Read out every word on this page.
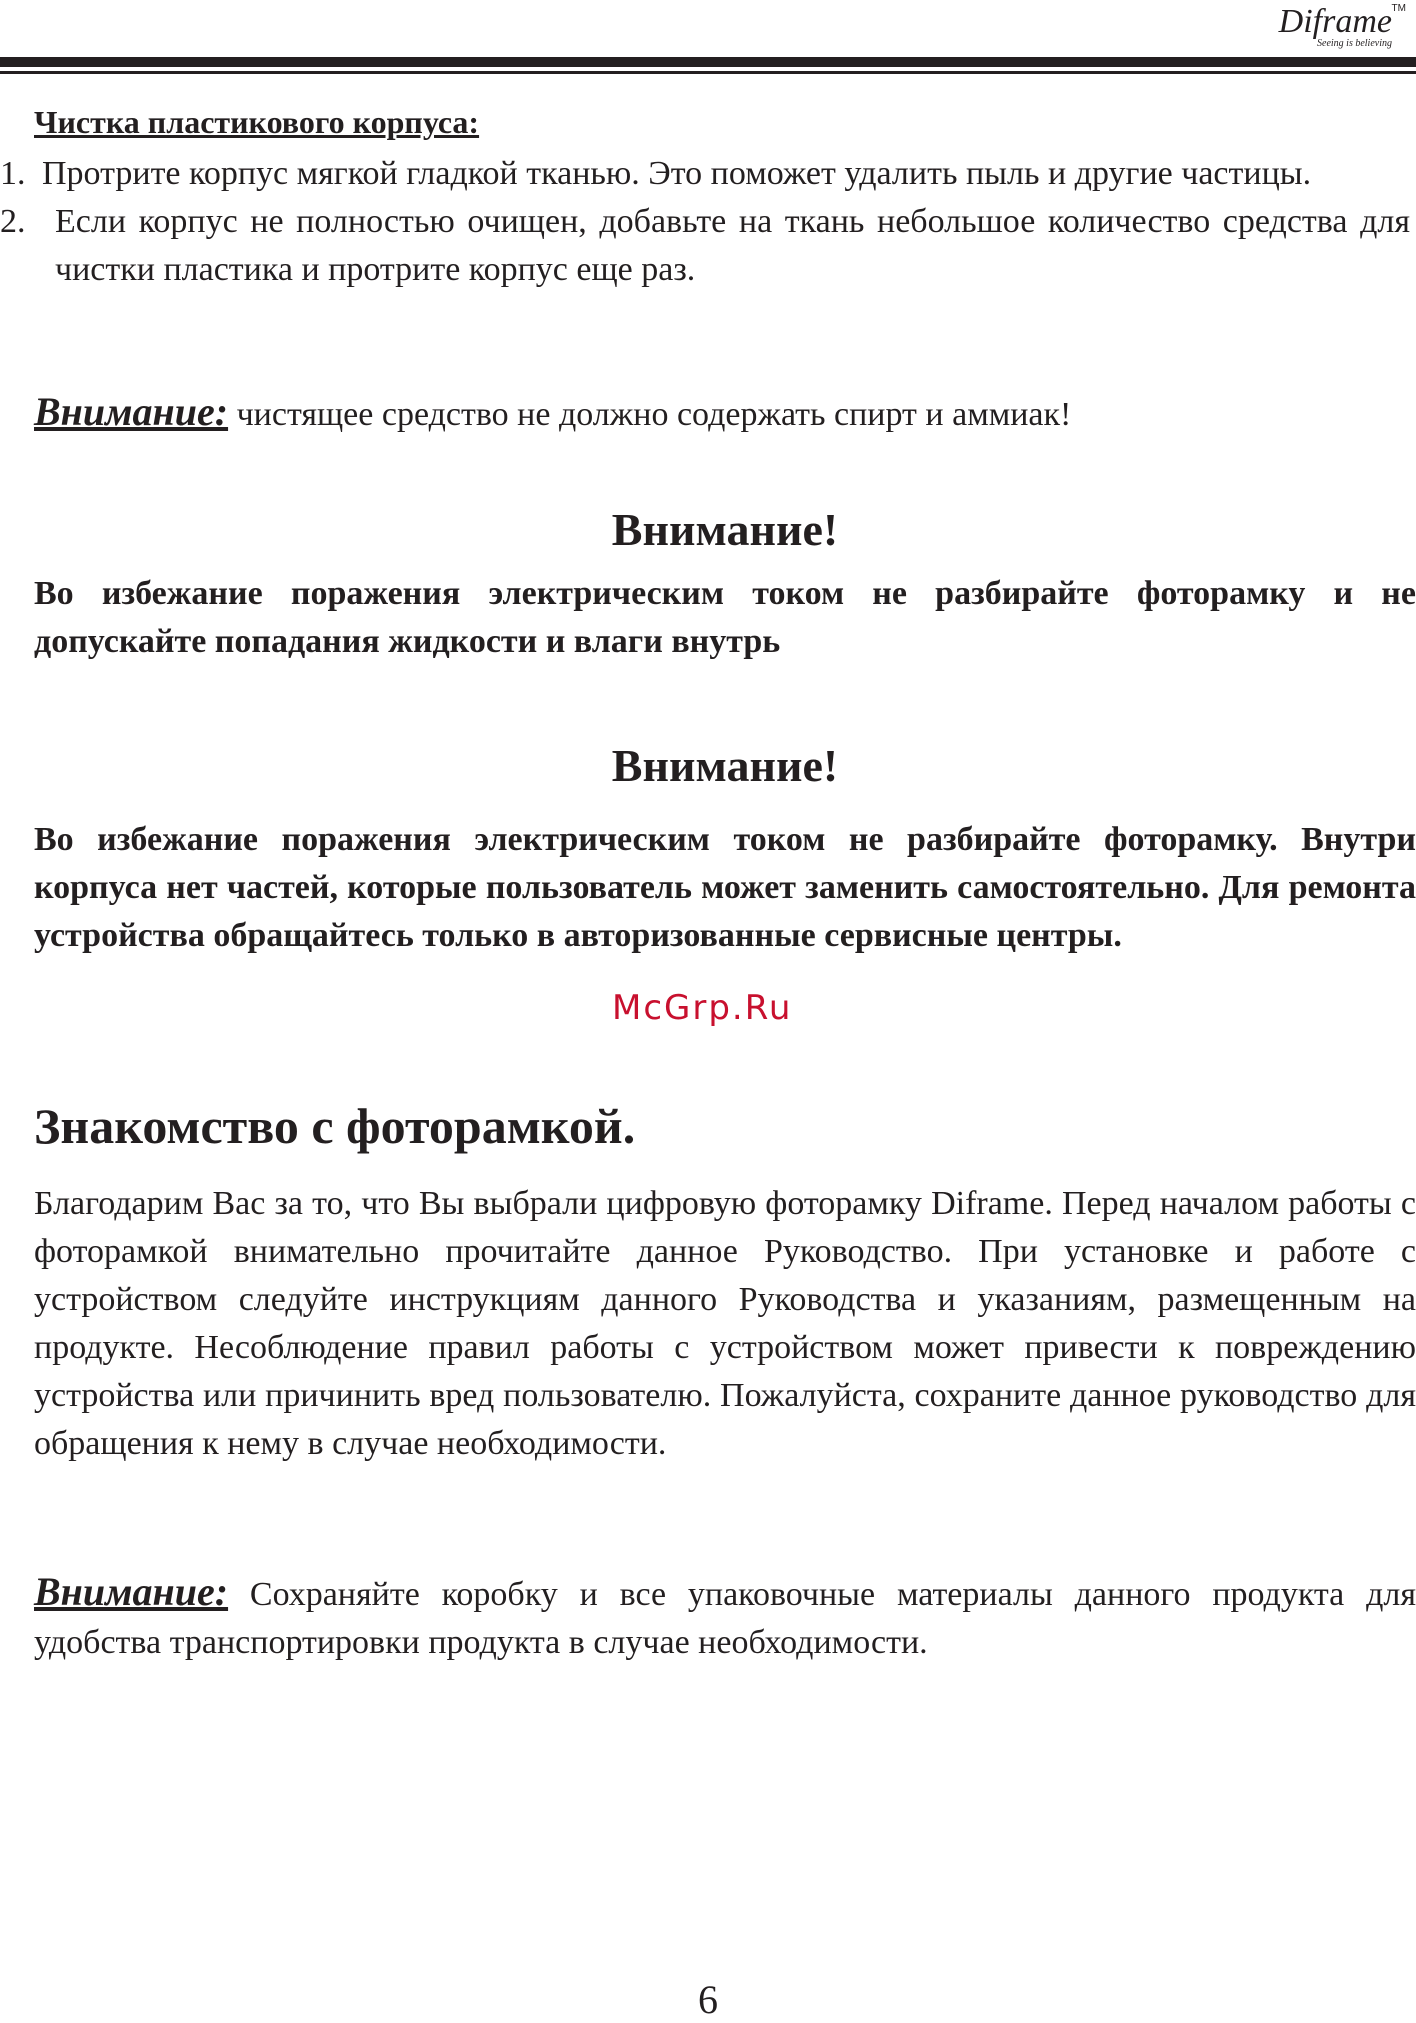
Diframe TM
Seeing is believing
Чистка пластикового корпуса:
1. Протрите корпус мягкой гладкой тканью. Это поможет удалить пыль и другие частицы.
2. Если корпус не полностью очищен, добавьте на ткань небольшое количество средства для чистки пластика и протрите корпус еще раз.

Внимание: чистящее средство не должно содержать спирт и аммиак!

Внимание!

Во избежание поражения электрическим током не разбирайте фоторамку и не допускайте попадания жидкости и влаги внутрь

Внимание!

Во избежание поражения электрическим током не разбирайте фоторамку. Внутри корпуса нет частей, которые пользователь может заменить самостоятельно. Для ремонта устройства обращайтесь только в авторизованные сервисные центры.

McGrp.Ru
Знакомство с фоторамкой.

Благодарим Вас за то, что Вы выбрали цифровую фоторамку Diframe. Перед началом работы с фоторамкой внимательно прочитайте данное Руководство. При установке и работе с устройством следуйте инструкциям данного Руководства и указаниям, размещенным на продукте. Несоблюдение правил работы с устройством может привести к повреждению устройства или причинить вред пользователю. Пожалуйста, сохраните данное руководство для обращения к нему в случае необходимости.

Внимание: Сохраняйте коробку и все упаковочные материалы данного продукта для удобства транспортировки продукта в случае необходимости.

6
